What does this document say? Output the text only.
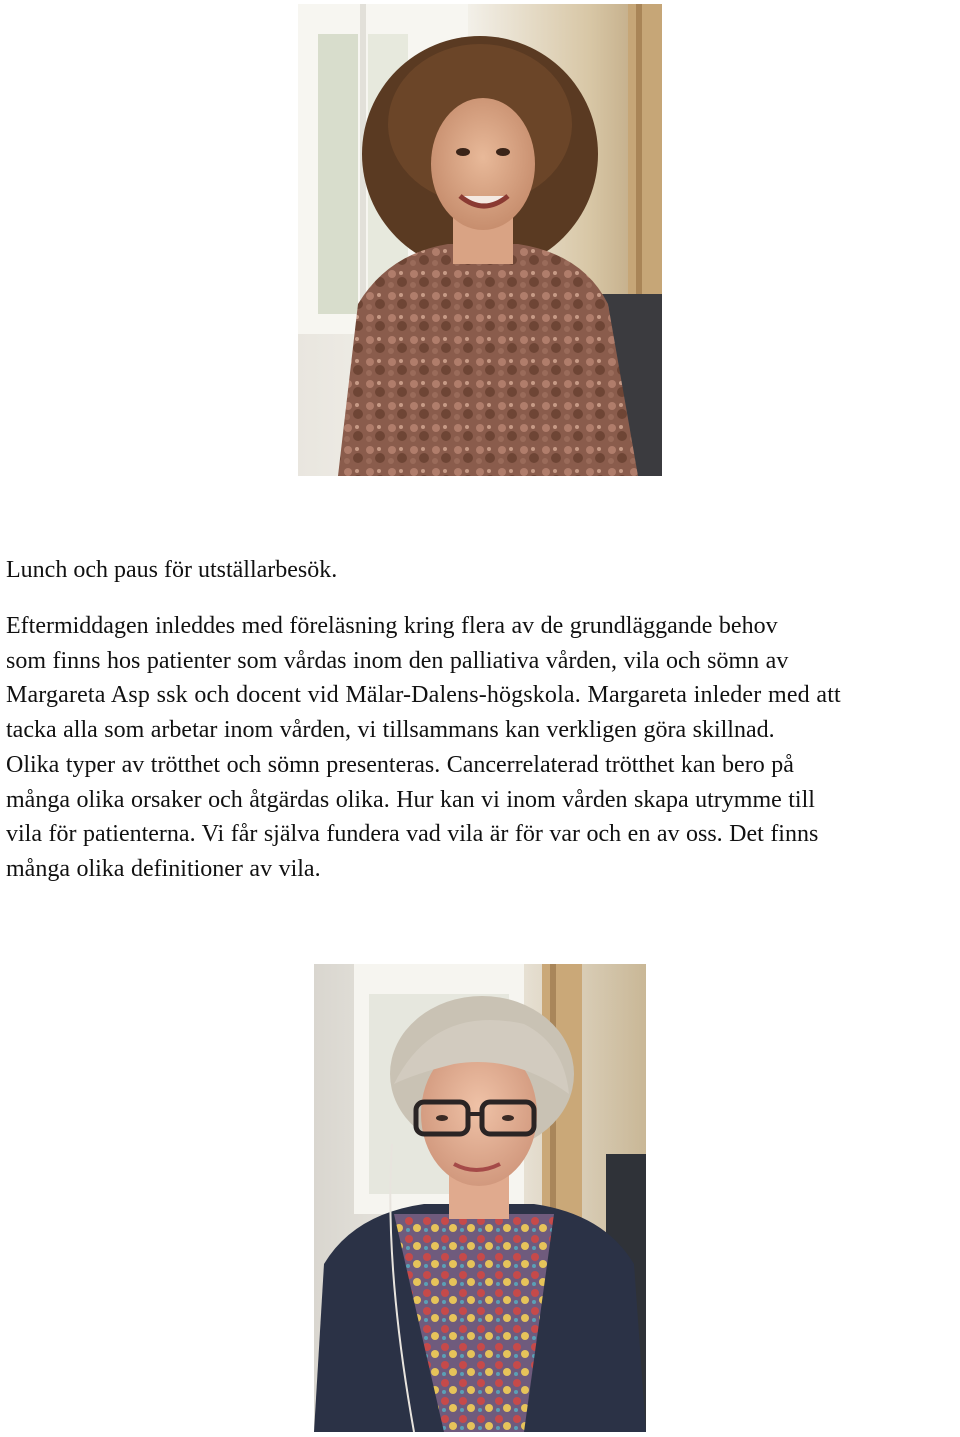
Lunch och paus för utställarbesök.

Eftermiddagen inleddes med föreläsning kring flera av de grundläggande behov
som finns hos patienter som vårdas inom den palliativa vården, vila och sömn av
Margareta Asp ssk och docent vid Mälar-Dalens-högskola. Margareta inleder med att
tacka alla som arbetar inom vården, vi tillsammans kan verkligen göra skillnad.
Olika typer av trötthet och sömn presenteras. Cancerrelaterad trötthet kan bero på
många olika orsaker och åtgärdas olika. Hur kan vi inom vården skapa utrymme till
vila för patienterna. Vi får själva fundera vad vila är för var och en av oss. Det finns
många olika definitioner av vila.
